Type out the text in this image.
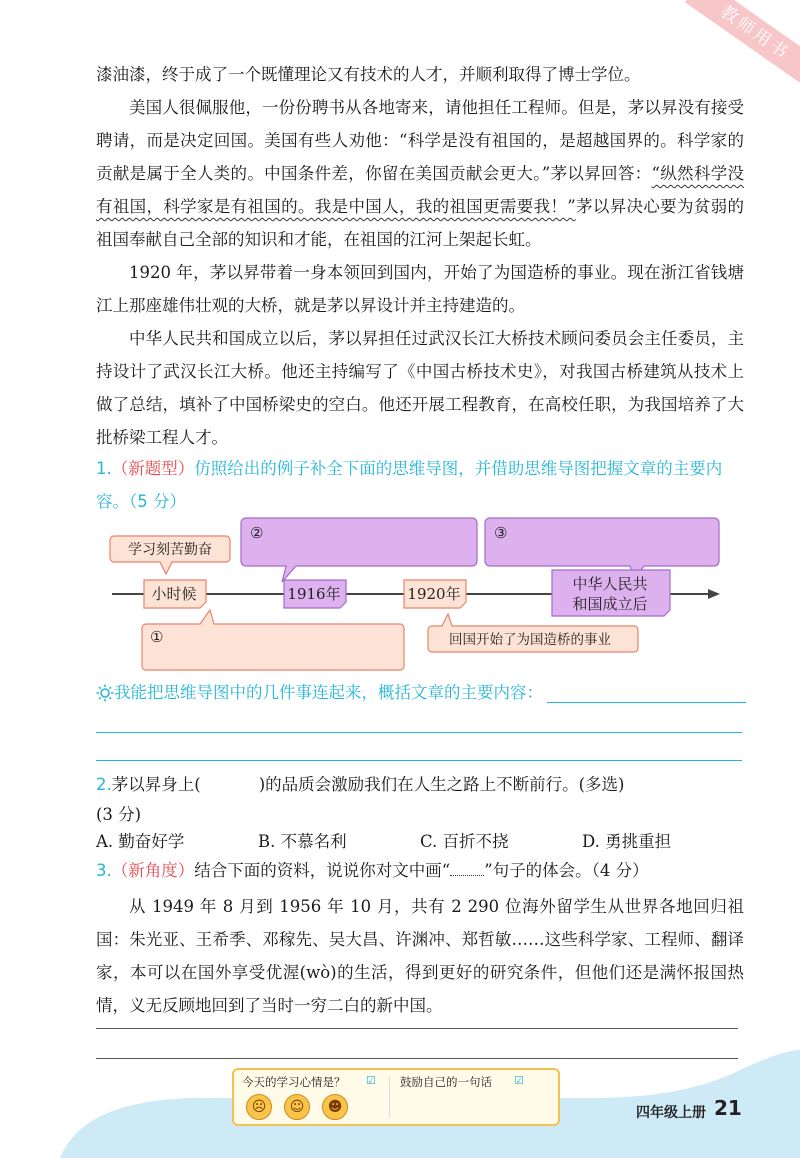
教师用书

漆油漆，终于成了一个既懂理论又有技术的人才，并顺利取得了博士学位。

美国人很佩服他，一份份聘书从各地寄来，请他担任工程师。但是，茅以昇没有接受聘请，而是决定回国。美国有些人劝他：“科学是没有祖国的，是超越国界的。科学家的贡献是属于全人类的。中国条件差，你留在美国贡献会更大。”茅以昇回答：“纵然科学没有祖国，科学家是有祖国的。我是中国人，我的祖国更需要我！”茅以昇决心要为贫弱的祖国奉献自己全部的知识和才能，在祖国的江河上架起长虹。

1920 年，茅以昇带着一身本领回到国内，开始了为国造桥的事业。现在浙江省钱塘江上那座雄伟壮观的大桥，就是茅以昇设计并主持建造的。

中华人民共和国成立以后，茅以昇担任过武汉长江大桥技术顾问委员会主任委员，主持设计了武汉长江大桥。他还主持编写了《中国古桥技术史》，对我国古桥建筑从技术上做了总结，填补了中国桥梁史的空白。他还开展工程教育，在高校任职，为我国培养了大批桥梁工程人才。

1.（新题型）仿照给出的例子补全下面的思维导图，并借助思维导图把握文章的主要内容。（5 分）
学习刻苦勤奋
②	③
小时候	1916年	1920年
中华人民共
和国成立后
①	回国开始了为国造桥的事业
我能把思维导图中的几件事连起来，概括文章的主要内容：
2.茅以昇身上(	)的品质会激励我们在人生之路上不断前行。(多选)
(3 分)
A. 勤奋好学	B. 不慕名利	C. 百折不挠	D. 勇挑重担
3.（新角度）结合下面的资料，说说你对文中画“ ”句子的体会。（4 分）

从 1949 年 8 月到 1956 年 10 月，共有 2 290 位海外留学生从世界各地回归祖国：朱光亚、王希季、邓稼先、吴大昌、许渊冲、郑哲敏……这些科学家、工程师、翻译家，本可以在国外享受优渥(wò)的生活，得到更好的研究条件，但他们还是满怀报国热情，义无反顾地回到了当时一穷二白的新中国。

今天的学习心情是？ ☑ 鼓励自己的一句话 ☑
☹	☺	☻	四年级上册 21
